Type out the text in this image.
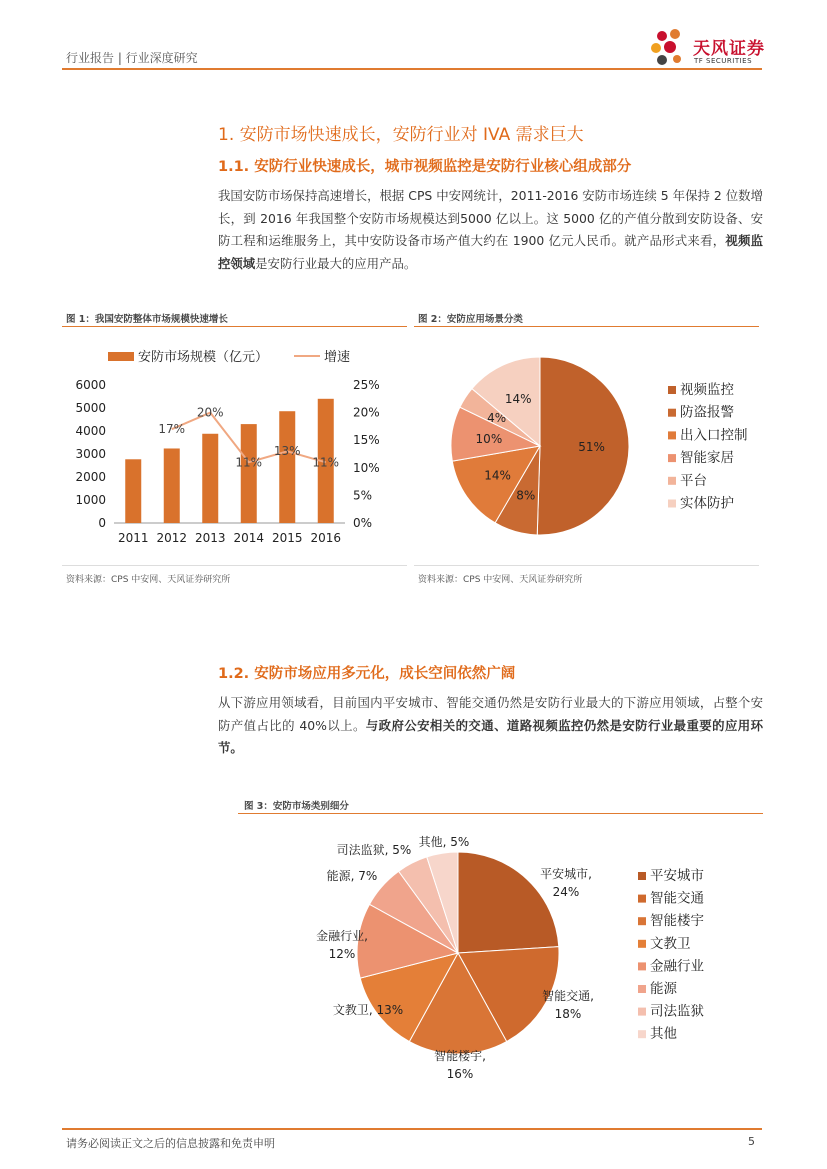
行业报告 | 行业深度研究	天风证券
TF SECURITIES
1. 安防市场快速成长，安防行业对 IVA 需求巨大
1.1. 安防行业快速成长，城市视频监控是安防行业核心组成部分
我国安防市场保持高速增长，根据 CPS 中安网统计，2011-2016 安防市场连续 5 年保持 2 位数增长，到 2016 年我国整个安防市场规模达到5000 亿以上。这 5000 亿的产值分散到安防设备、安防工程和运维服务上，其中安防设备市场产值大约在 1900 亿元人民币。就产品形式来看，视频监控领域是安防行业最大的应用产品。
图 1：我国安防整体市场规模快速增长
安防市场规模（亿元）	增速
0
1000
2000
3000
4000
5000
6000
0%
5%
10%
15%
20%
25%
2011 2012 2013 2014 2015 2016
17%
20%
11%
13%
11%
资料来源：CPS 中安网、天风证券研究所
图 2：安防应用场景分类
51%
8%
14%
10%
4%
14%
视频监控
防盗报警
出入口控制
智能家居
平台
实体防护
资料来源：CPS 中安网、天风证券研究所
1.2. 安防市场应用多元化，成长空间依然广阔
从下游应用领域看，目前国内平安城市、智能交通仍然是安防行业最大的下游应用领域，占整个安防产值占比的 40%以上。与政府公安相关的交通、道路视频监控仍然是安防行业最重要的应用环节。
图 3：安防市场类别细分
平安城市, 24%
智能交通, 18%
智能楼宇, 16%
文教卫, 13%
金融行业, 12%
能源, 7%
司法监狱, 5%
其他, 5%
平安城市
智能交通
智能楼宇
文教卫
金融行业
能源
司法监狱
其他
请务必阅读正文之后的信息披露和免责申明	5
